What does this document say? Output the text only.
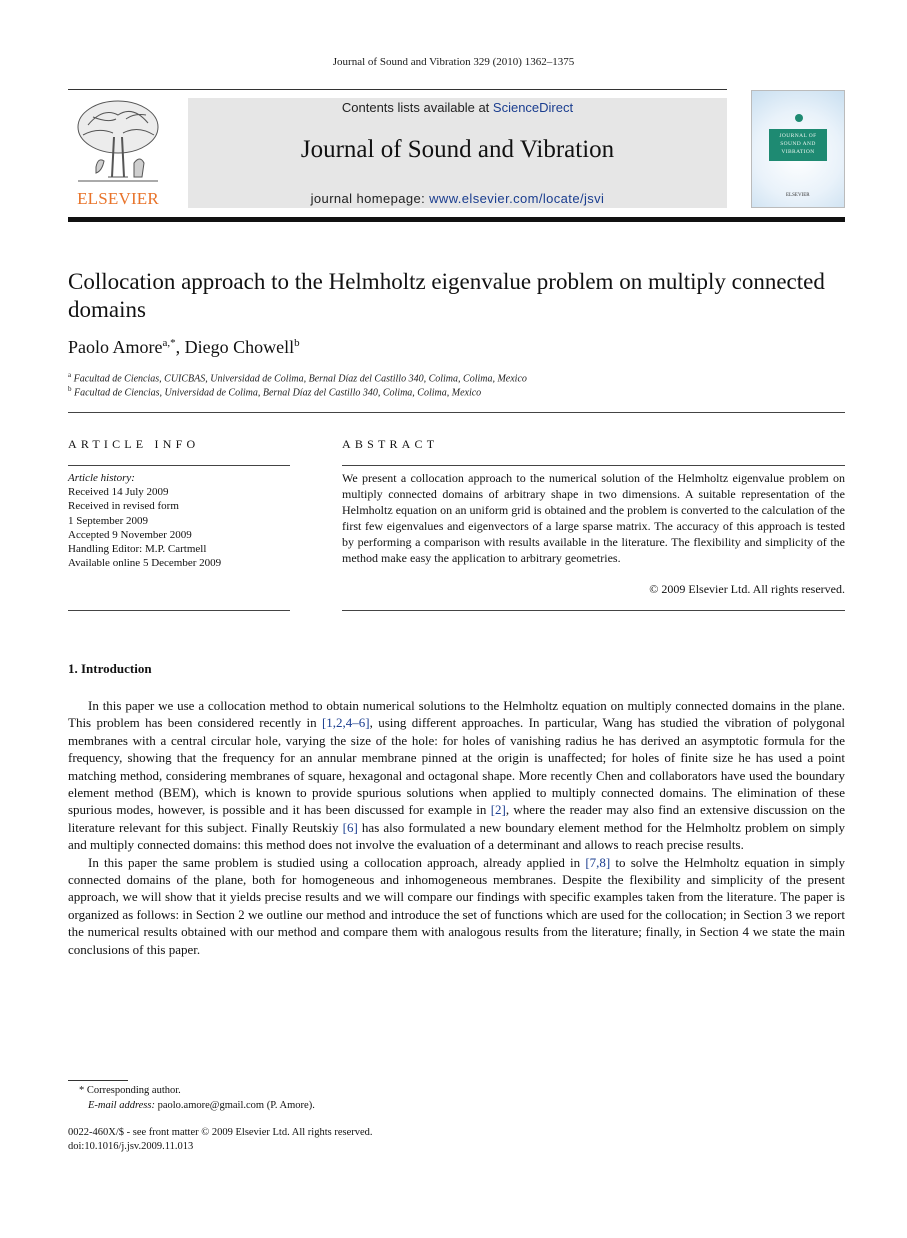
Journal of Sound and Vibration 329 (2010) 1362–1375
ELSEVIER
Contents lists available at ScienceDirect
Journal of Sound and Vibration
journal homepage: www.elsevier.com/locate/jsvi
JOURNAL OF SOUND AND VIBRATION
ELSEVIER
Collocation approach to the Helmholtz eigenvalue problem on multiply connected domains
Paolo Amore$^{a,*}$, Diego Chowell$^b$
$^a$ Facultad de Ciencias, CUICBAS, Universidad de Colima, Bernal Díaz del Castillo 340, Colima, Colima, Mexico
$^b$ Facultad de Ciencias, Universidad de Colima, Bernal Díaz del Castillo 340, Colima, Colima, Mexico
ARTICLE INFO
Article history:
Received 14 July 2009
Received in revised form
1 September 2009
Accepted 9 November 2009
Handling Editor: M.P. Cartmell
Available online 5 December 2009
ABSTRACT
We present a collocation approach to the numerical solution of the Helmholtz eigenvalue problem on multiply connected domains of arbitrary shape in two dimensions. A suitable representation of the Helmholtz equation on an uniform grid is obtained and the problem is converted to the calculation of the first few eigenvalues and eigenvectors of a large sparse matrix. The accuracy of this approach is tested by performing a comparison with results available in the literature. The flexibility and simplicity of the method make easy the application to arbitrary geometries.
© 2009 Elsevier Ltd. All rights reserved.
1. Introduction

In this paper we use a collocation method to obtain numerical solutions to the Helmholtz equation on multiply connected domains in the plane. This problem has been considered recently in [1,2,4–6], using different approaches. In particular, Wang has studied the vibration of polygonal membranes with a central circular hole, varying the size of the hole: for holes of vanishing radius he has derived an asymptotic formula for the frequency, showing that the frequency for an annular membrane pinned at the origin is unaffected; for holes of finite size he has used a point matching method, considering membranes of square, hexagonal and octagonal shape. More recently Chen and collaborators have used the boundary element method (BEM), which is known to provide spurious solutions when applied to multiply connected domains. The elimination of these spurious modes, however, is possible and it has been discussed for example in [2], where the reader may also find an extensive discussion on the literature relevant for this subject. Finally Reutskiy [6] has also formulated a new boundary element method for the Helmholtz problem on simply and multiply connected domains: this method does not involve the evaluation of a determinant and allows to reach precise results.

In this paper the same problem is studied using a collocation approach, already applied in [7,8] to solve the Helmholtz equation in simply connected domains of the plane, both for homogeneous and inhomogeneous membranes. Despite the flexibility and simplicity of the present approach, we will show that it yields precise results and we will compare our findings with specific examples taken from the literature. The paper is organized as follows: in Section 2 we outline our method and introduce the set of functions which are used for the collocation; in Section 3 we report the numerical results obtained with our method and compare them with analogous results from the literature; finally, in Section 4 we state the main conclusions of this paper.

* Corresponding author.
E-mail address: paolo.amore@gmail.com (P. Amore).
0022-460X/$ - see front matter © 2009 Elsevier Ltd. All rights reserved.
doi:10.1016/j.jsv.2009.11.013
